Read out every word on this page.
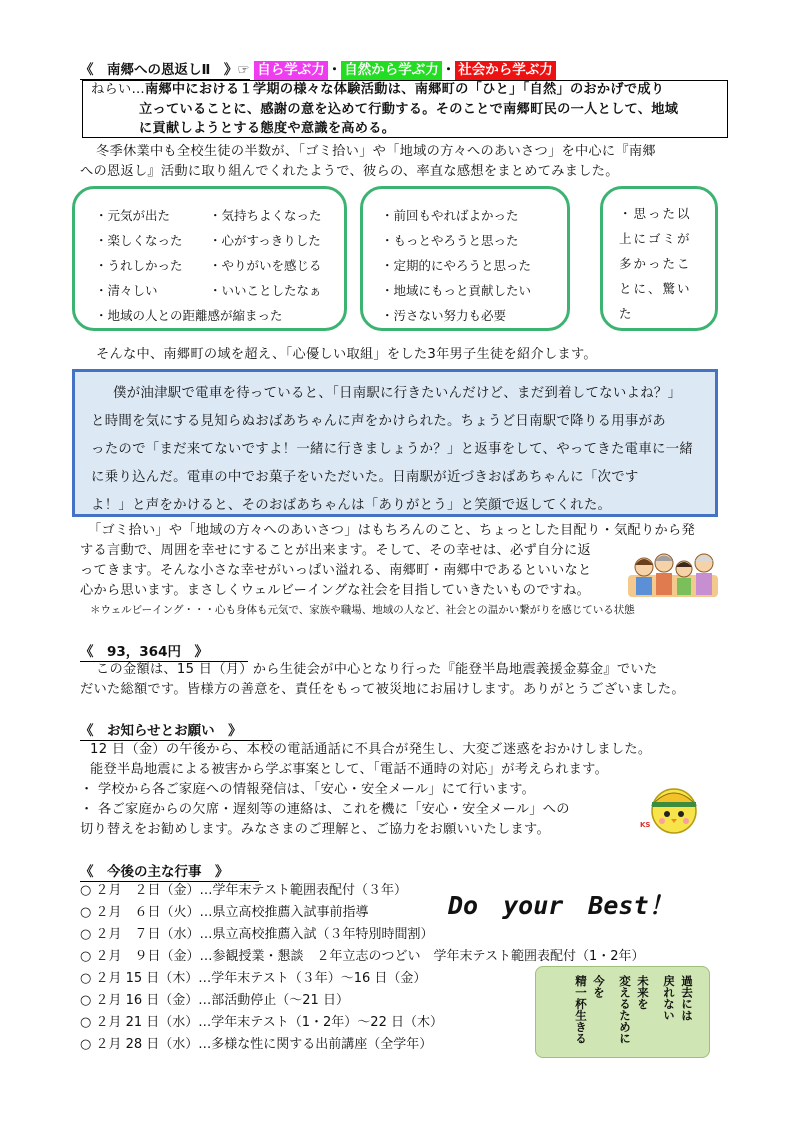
《　南郷への恩返しⅡ　》☞ 自ら学ぶ力 ・ 自然から学ぶ力 ・ 社会から学ぶ力
ねらい…南郷中における１学期の様々な体験活動は、南郷町の「ひと」「自然」のおかげで成り
立っていることに、感謝の意を込めて行動する。そのことで南郷町民の一人として、地域
に貢献しようとする態度や意識を高める。
冬季休業中も全校生徒の半数が、「ゴミ拾い」や「地域の方々へのあいさつ」を中心に『南郷
への恩返し』活動に取り組んでくれたようで、彼らの、率直な感想をまとめてみました。
・元気が出た
・楽しくなった
・うれしかった
・清々しい
・気持ちよくなった
・心がすっきりした
・やりがいを感じる
・いいことしたなぁ
・地域の人との距離感が縮まった
・前回もやればよかった
・もっとやろうと思った
・定期的にやろうと思った
・地域にもっと貢献したい
・汚さない努力も必要
・思った以
上にゴミが
多かったこ
とに、驚い
た
そんな中、南郷町の域を超え、「心優しい取組」をした3年男子生徒を紹介します。
僕が油津駅で電車を待っていると、「日南駅に行きたいんだけど、まだ到着してないよね？」
と時間を気にする見知らぬおばあちゃんに声をかけられた。ちょうど日南駅で降りる用事があ
ったので「まだ来てないですよ！一緒に行きましょうか？」と返事をして、やってきた電車に一緒
に乗り込んだ。電車の中でお菓子をいただいた。日南駅が近づきおばあちゃんに「次です
よ！」と声をかけると、そのおばあちゃんは「ありがとう」と笑顔で返してくれた。
「ゴミ拾い」や「地域の方々へのあいさつ」はもちろんのこと、ちょっとした目配り・気配りから発
する言動で、周囲を幸せにすることが出来ます。そして、その幸せは、必ず自分に返
ってきます。そんな小さな幸せがいっぱい溢れる、南郷町・南郷中であるといいなと
心から思います。まさしくウェルビーイングな社会を目指していきたいものですね。
＊ウェルビーイング・・・心も身体も元気で、家族や職場、地域の人など、社会との温かい繋がりを感じている状態
《　93，364円　》
この金額は、15 日（月）から生徒会が中心となり行った『能登半島地震義援金募金』でいた
だいた総額です。皆様方の善意を、責任をもって被災地にお届けします。ありがとうございました。
《　お知らせとお願い　》
12 日（金）の午後から、本校の電話通話に不具合が発生し、大変ご迷惑をおかけしました。
能登半島地震による被害から学ぶ事案として、「電話不通時の対応」が考えられます。
・ 学校から各ご家庭への情報発信は、「安心・安全メール」にて行います。
・ 各ご家庭からの欠席・遅刻等の連絡は、これを機に「安心・安全メール」への
切り替えをお勧めします。みなさまのご理解と、ご協力をお願いいたします。	KS
《　今後の主な行事　》
○ ２月　２日（金）…学年末テスト範囲表配付（３年）
○ ２月　６日（火）…県立高校推薦入試事前指導
○ ２月　７日（水）…県立高校推薦入試（３年特別時間割）
○ ２月　９日（金）…参観授業・懇談　２年立志のつどい　学年末テスト範囲表配付（1・2年）
○ ２月 15 日（木）…学年末テスト（３年）～16 日（金）
○ ２月 16 日（金）…部活動停止（～21 日）
○ ２月 21 日（水）…学年末テスト（1・2年）～22 日（木）
○ ２月 28 日（水）…多様な性に関する出前講座（全学年）
Do　your　Best！
過去には
戻れない
未来を
変えるために
今を
精一杯生きる
